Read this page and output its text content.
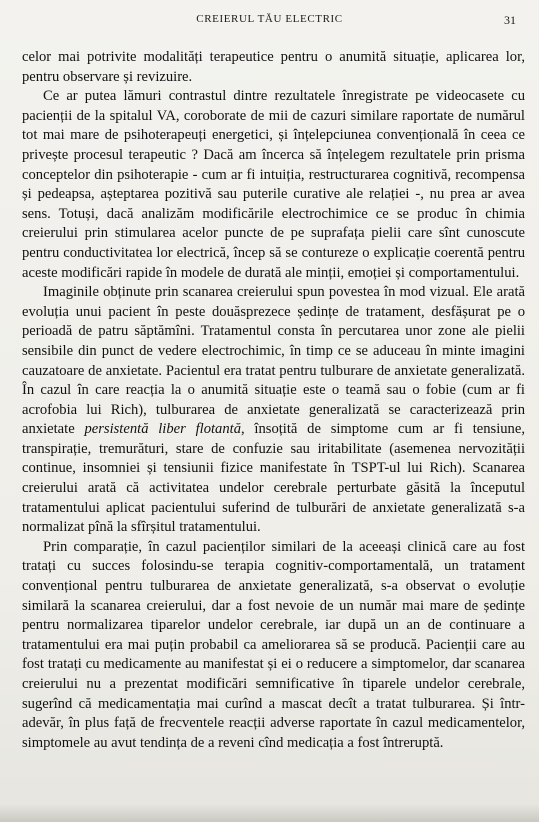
CREIERUL TĂU ELECTRIC	31

celor mai potrivite modalități terapeutice pentru o anumită situație, aplicarea lor, pentru observare și revizuire.

Ce ar putea lămuri contrastul dintre rezultatele înregistrate pe videocasete cu pacienții de la spitalul VA, coroborate de mii de cazuri similare raportate de numărul tot mai mare de psihoterapeuți energetici, și înțelepciunea convențională în ceea ce privește procesul terapeutic ? Dacă am încerca să înțelegem rezultatele prin prisma conceptelor din psihoterapie - cum ar fi intuiția, restructurarea cognitivă, recompensa și pedeapsa, așteptarea pozitivă sau puterile curative ale relației -, nu prea ar avea sens. Totuși, dacă analizăm modificările electrochimice ce se produc în chimia creierului prin stimularea acelor puncte de pe suprafața pielii care sînt cunoscute pentru conductivitatea lor electrică, încep să se contureze o explicație coerentă pentru aceste modificări rapide în modele de durată ale minții, emoției și comportamentului.

Imaginile obținute prin scanarea creierului spun povestea în mod vizual. Ele arată evoluția unui pacient în peste douăsprezece ședințe de tratament, desfășurat pe o perioadă de patru săptămîni. Tratamentul consta în percutarea unor zone ale pielii sensibile din punct de vedere electrochimic, în timp ce se aduceau în minte imagini cauzatoare de anxietate. Pacientul era tratat pentru tulburare de anxietate generalizată. În cazul în care reacția la o anumită situație este o teamă sau o fobie (cum ar fi acrofobia lui Rich), tulburarea de anxietate generalizată se caracterizează prin anxietate persistentă liber flotantă, însoțită de simptome cum ar fi tensiune, transpirație, tremurături, stare de confuzie sau iritabilitate (asemenea nervozității continue, insomniei și tensiunii fizice manifestate în TSPT-ul lui Rich). Scanarea creierului arată că activitatea undelor cerebrale perturbate găsită la începutul tratamentului aplicat pacientului suferind de tulburări de anxietate generalizată s-a normalizat pînă la sfîrșitul tratamentului.

Prin comparație, în cazul pacienților similari de la aceeași clinică care au fost tratați cu succes folosindu-se terapia cognitiv-comportamentală, un tratament convențional pentru tulburarea de anxietate generalizată, s-a observat o evoluție similară la scanarea creierului, dar a fost nevoie de un număr mai mare de ședințe pentru normalizarea tiparelor undelor cerebrale, iar după un an de continuare a tratamentului era mai puțin probabil ca ameliorarea să se producă. Pacienții care au fost tratați cu medicamente au manifestat și ei o reducere a simptomelor, dar scanarea creierului nu a prezentat modificări semnificative în tiparele undelor cerebrale, sugerînd că medicamentația mai curînd a mascat decît a tratat tulburarea. Și într-adevăr, în plus față de frecventele reacții adverse raportate în cazul medicamentelor, simptomele au avut tendința de a reveni cînd medicația a fost întreruptă.
